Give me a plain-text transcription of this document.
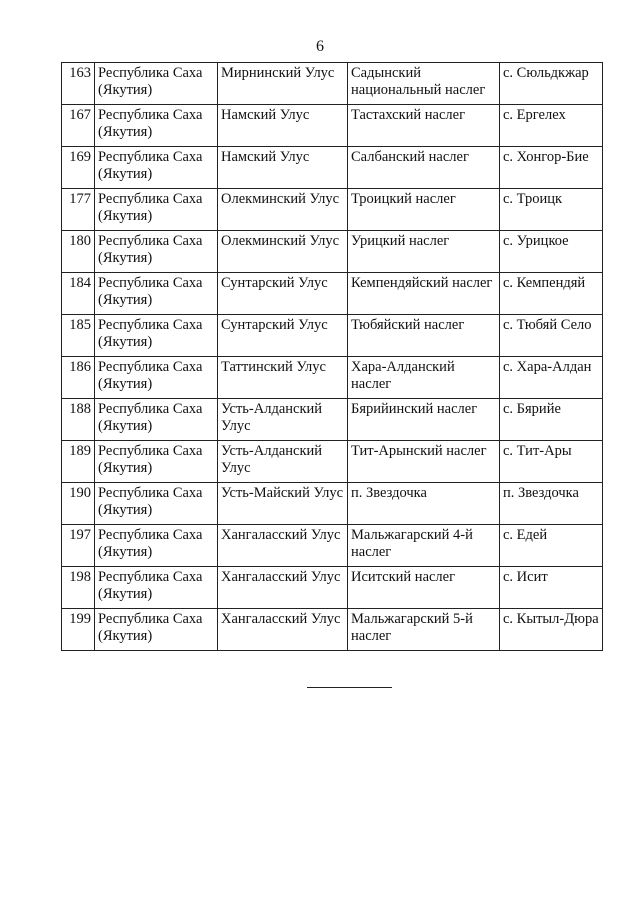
6
163	Республика Саха (Якутия)	Мирнинский Улус	Садынский национальный наслег	с. Сюльдкжар
167	Республика Саха (Якутия)	Намский Улус	Тастахский наслег	с. Ергелех
169	Республика Саха (Якутия)	Намский Улус	Салбанский наслег	с. Хонгор-Бие
177	Республика Саха (Якутия)	Олекминский Улус	Троицкий наслег	с. Троицк
180	Республика Саха (Якутия)	Олекминский Улус	Урицкий наслег	с. Урицкое
184	Республика Саха (Якутия)	Сунтарский Улус	Кемпендяйский наслег	с. Кемпендяй
185	Республика Саха (Якутия)	Сунтарский Улус	Тюбяйский наслег	с. Тюбяй Село
186	Республика Саха (Якутия)	Таттинский Улус	Хара-Алданский наслег	с. Хара-Алдан
188	Республика Саха (Якутия)	Усть-Алданский Улус	Бярийинский наслег	с. Бярийе
189	Республика Саха (Якутия)	Усть-Алданский Улус	Тит-Арынский наслег	с. Тит-Ары
190	Республика Саха (Якутия)	Усть-Майский Улус	п. Звездочка	п. Звездочка
197	Республика Саха (Якутия)	Хангаласский Улус	Мальжагарский 4-й наслег	с. Едей
198	Республика Саха (Якутия)	Хангаласский Улус	Иситский наслег	с. Исит
199	Республика Саха (Якутия)	Хангаласский Улус	Мальжагарский 5-й наслег	с. Кытыл-Дюра
